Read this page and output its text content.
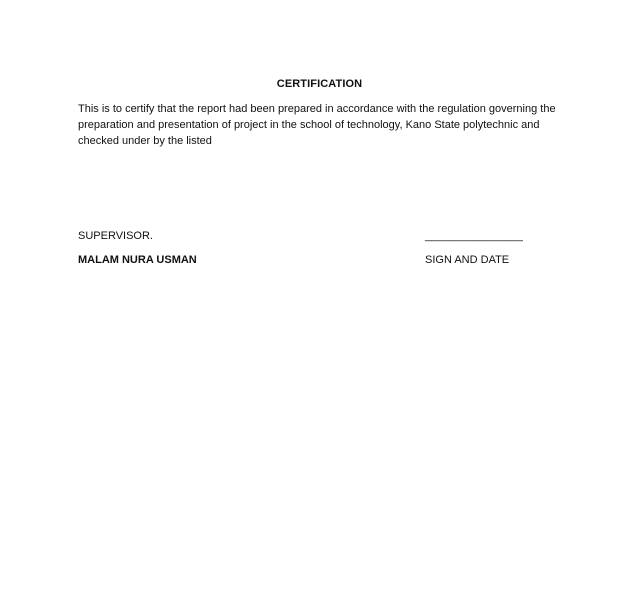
CERTIFICATION
This is to certify that the report had been prepared in accordance with the regulation governing the
preparation and presentation of project in the school of technology, Kano State polytechnic and
checked under by the listed
SUPERVISOR.	________________
MALAM NURA USMAN	SIGN AND DATE
